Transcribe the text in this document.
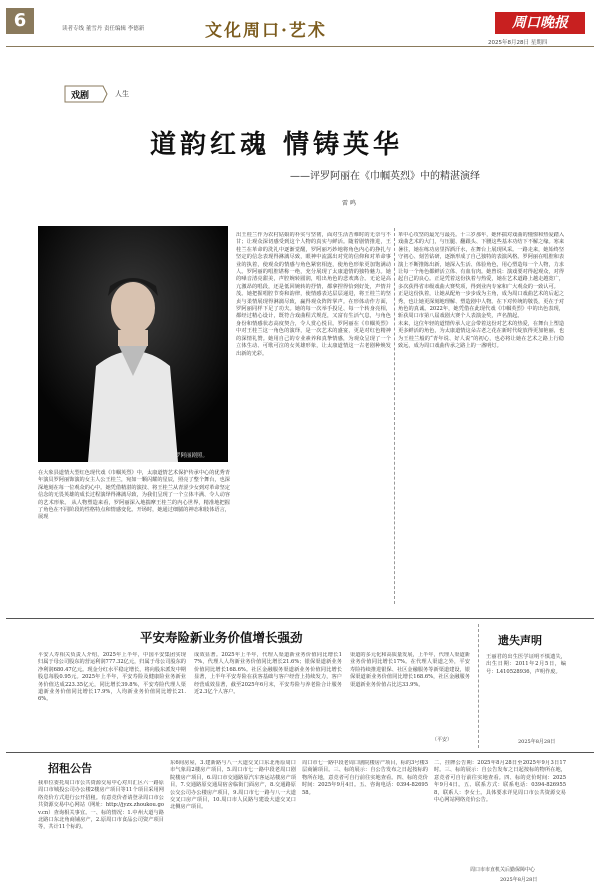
6	读者专线 董雪丹 责任编辑 李德新	文化周口·艺术	周口晚报
2025年8月28日 星期四
戏剧	人生
道韵红魂 情铸英华
——评罗阿丽在《巾帼英烈》中的精湛演绎
雷鸣
罗阿丽剧照。
在大象县道情大型红色现代戏《巾帼英烈》中，太康道情艺术保护传承中心的优秀青年演员罗阿丽饰演的女主人公王桂兰，宛如一颗闪耀的星辰，照亮了整个舞台，也深深地刻在每一位观众的心中。她凭借精湛的演技、将王桂兰从青涩少女到对革命坚定信念的无畏英雄的成长过程演绎得淋漓尽致，为我们呈现了一个立体丰满、令人动容的艺术形象。 从人物塑造来看，罗阿丽深入地揣摩王桂兰的内心世界，精准地把握了角色在不同阶段的性格特点和情感变化。开场时，她通过细腻的神态和肢体语言，展现
出王桂兰作为农村姑娘的朴实与坚韧，面对生活苦难时的无奈与不甘；让观众深切感受到这个人物的真实与鲜活。随着剧情推进，王桂兰在革命的洗礼中逐渐觉醒，罗阿丽巧妙地将角色内心的挣扎与坚定的信念表现得淋漓尽致，眼神中流露出对党的信仰和对革命事业的执着，使观众的情感与角色紧密相连，使角色形象更加饱满动人。罗阿丽的唱腔堪称一绝，充分展现了太康道情的独特魅力。她的嗓音清亮甜美，声腔婉转圆润，唱出角色的悲欢离合。无论是高亢激昂的唱段，还是低回婉转的抒情，都拿捏得恰到好处，声情并茂。她把握唱腔节奏和韵律，使情感表达层层递进，将王桂兰的坚贞与柔情展现得淋漓尽致，赢得观众阵阵掌声。在形体动作方面，罗阿丽同样下足了功夫。她的每一次举手投足、每一个转身亮相，都经过精心设计，既符合戏曲程式规范，又富有生活气息，与角色身份和情感状态高度契合，令人赏心悦目。罗阿丽在《巾帼英烈》中对王桂兰这一角色的演绎，是一次艺术的盛宴，更是对红色精神的深情礼赞。她用自己的专业素养和真挚情感，为观众呈现了一个立体生动、可歌可泣的女英雄形象，让太康道情这一古老剧种焕发出新的光彩。
革中心攻坚的最光与最亮。十三岁那年，她怀揣对戏曲的憧憬和热爱踏入戏曲艺术的大门，与压腿、翻跟头、下腰这些基本功结下不解之缘。寒来暑往，她在练功房里挥洒汗水，在舞台上展现风采。一路走来，她始终坚守初心、刻苦钻研，逐渐形成了自己独特的表演风格。罗阿丽在唱腔和表演上不断推陈出新，她深入生活、体验角色，用心塑造每一个人物，力求让每一个角色都鲜活立体、有血有肉。她曾说：演戏要对得起观众，对得起自己的良心。正是凭着这份执着与热爱，她在艺术道路上越走越宽广，多次获得省市级戏曲大赛奖项，得到业内专家和广大观众的一致认可。
正是这份执着，让她从配角一步步成为主角，成为周口戏曲艺术的后起之秀，也让她更深刻地理解、塑造剧中人物。在下对传统的敬畏，更在于对角色的真诚。2022年，她凭借在此现代戏《巾帼英烈》中的出色表现，斩获周口市第八届戏剧大赛个人表演金奖，声名鹊起。
未来，这位年轻的道情传承人定会带着这份对艺术的热爱，在舞台上塑造更多鲜活的角色，为太康道情这朵古老之花在新时代绽放得更加艳丽，也为王桂兰般的“青年说、好人说”的初心，也必将让她在艺术之路上行稳致远，成为周口戏曲传承之路上的一盏明灯。
平安寿险新业务价值增长强劲
平安人寿相关负责人介绍，2025年上半年，中国平安集团实现归属于母公司股东的营运利润777.32亿元，归属于母公司股东的净利润680.47亿元。现金分红水平稳定增长，将向股东派发中期股息每股0.95元。2025年上半年，平安寿险及健康险业务新业务价值达成223.35亿元，同比增长39.8%，平安寿险代理人渠道新业务价值同比增长17.9%，人均新业务价值同比增长21.6%。
成效显著。2025年上半年，代理人渠道新业务价值同比增长17%，代理人人均新业务价值同比增长21.6%；银保渠道新业务价值同比增长168.6%。社区金融服务渠道新业务价值同比增长显著，上半年平安寿险在获客基础与客户经营上持续发力，客户经营成效显著，截至2025年6月末，平安寿险与养老险合计服务近2.3亿个人客户。
渠道的多元化和高质量发展，上半年，代理人渠道新业务价值同比增长17%。在代理人渠道之外，平安寿险持续推进银保、社区金融服务等新渠道建设，银保渠道新业务价值同比增长168.6%，社区金融服务渠道新业务价值占比达33.9%。
（平安）
遗失声明
王丽君的出生医学证明不慎遗失，出生日期：2011年2月5日，编号：L410528936，声明作废。
2025年8月28日
招租公告
我单位委托周口市公共资源交易中心对川汇区六一路原周口市城投公司办公楼2楼房产项目等11个项目采用网络竞价方式进行公开招租。有意竞价者请登录周口市公共资源交易中心网站（网址：http://jyzx.zhoukou.gov.cn）查询相关事宜。一、标的情况：1.中州大道与路北路口东北角商铺房产，2.原周口市食品公司资产项目等，共计11个标的。
东6间房屋，3.建新路与八一大道交叉口东北角原周口市气象局2楼房产项目，5.周口市七一路中段老周口剧院楼房产项目，6.周口市交通路原汽车客运站楼房产项目，7.交通路原交通局宿舍临街门面房产，8.交通路原公交公司办公楼房产项目，9.周口市七一路与八一大道交叉口房产项目，10.周口市人民路与建设大道交叉口北侧房产项目。
周口市七一路中段老周口剧院楼房产项目，标的3号楼3层商铺项目。三、标的展示：自公告发布之日起按标的物所在地，意竞者可自行前往实地查看。四、标的竞价时间：2025年9月4日。五、咨询电话：0394-8269558。
二、挂牌公告期：2025年8月28日至2025年9月3日17时。三、标的展示：自公告发布之日起按标的物所在地，意竞者可自行前往实地查看。四、标的竞价时间：2025年9月4日。五、联系方式：联系电话：0394-8269558，联系人：李女士。具体要求详见周口市公共资源交易中心网站网络竞价公告。
周口市市直机关后勤保障中心
2025年8月28日
